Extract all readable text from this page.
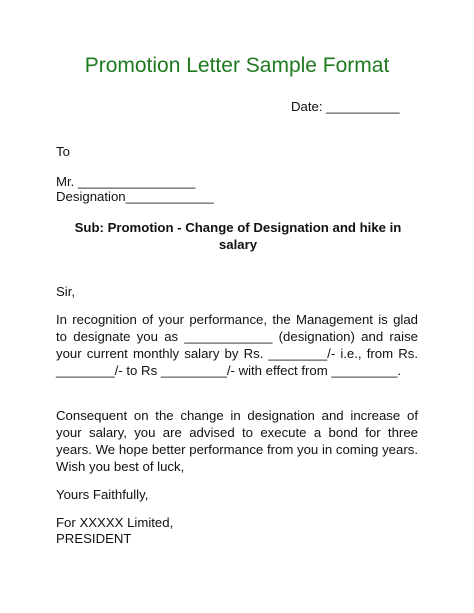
Promotion Letter Sample Format
Date: __________
To
Mr. ________________
Designation____________
Sub: Promotion - Change of Designation and hike in salary
Sir,
In recognition of your performance, the Management is glad to designate you as ____________ (designation) and raise your current monthly salary by Rs. ________/- i.e., from Rs. ________/- to Rs _________/- with effect from _________.
Consequent on the change in designation and increase of your salary, you are advised to execute a bond for three years. We hope better performance from you in coming years. Wish you best of luck,
Yours Faithfully,
For XXXXX Limited,
PRESIDENT
